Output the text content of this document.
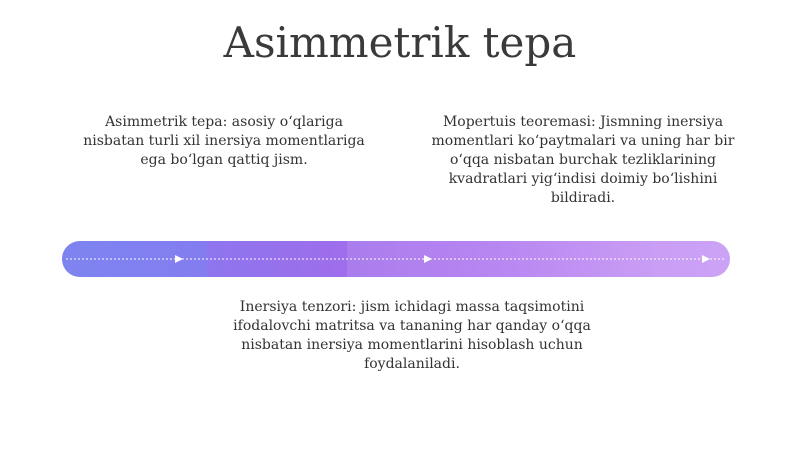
Asimmetrik tepa

Asimmetrik tepa: asosiy o‘qlariga nisbatan turli xil inersiya momentlariga ega bo‘lgan qattiq jism.

Mopertuis teoremasi: Jismning inersiya momentlari ko‘paytmalari va uning har bir o‘qqa nisbatan burchak tezliklarining kvadratlari yig‘indisi doimiy bo‘lishini bildiradi.

Inersiya tenzori: jism ichidagi massa taqsimotini ifodalovchi matritsa va tananing har qanday o‘qqa nisbatan inersiya momentlarini hisoblash uchun foydalaniladi.
